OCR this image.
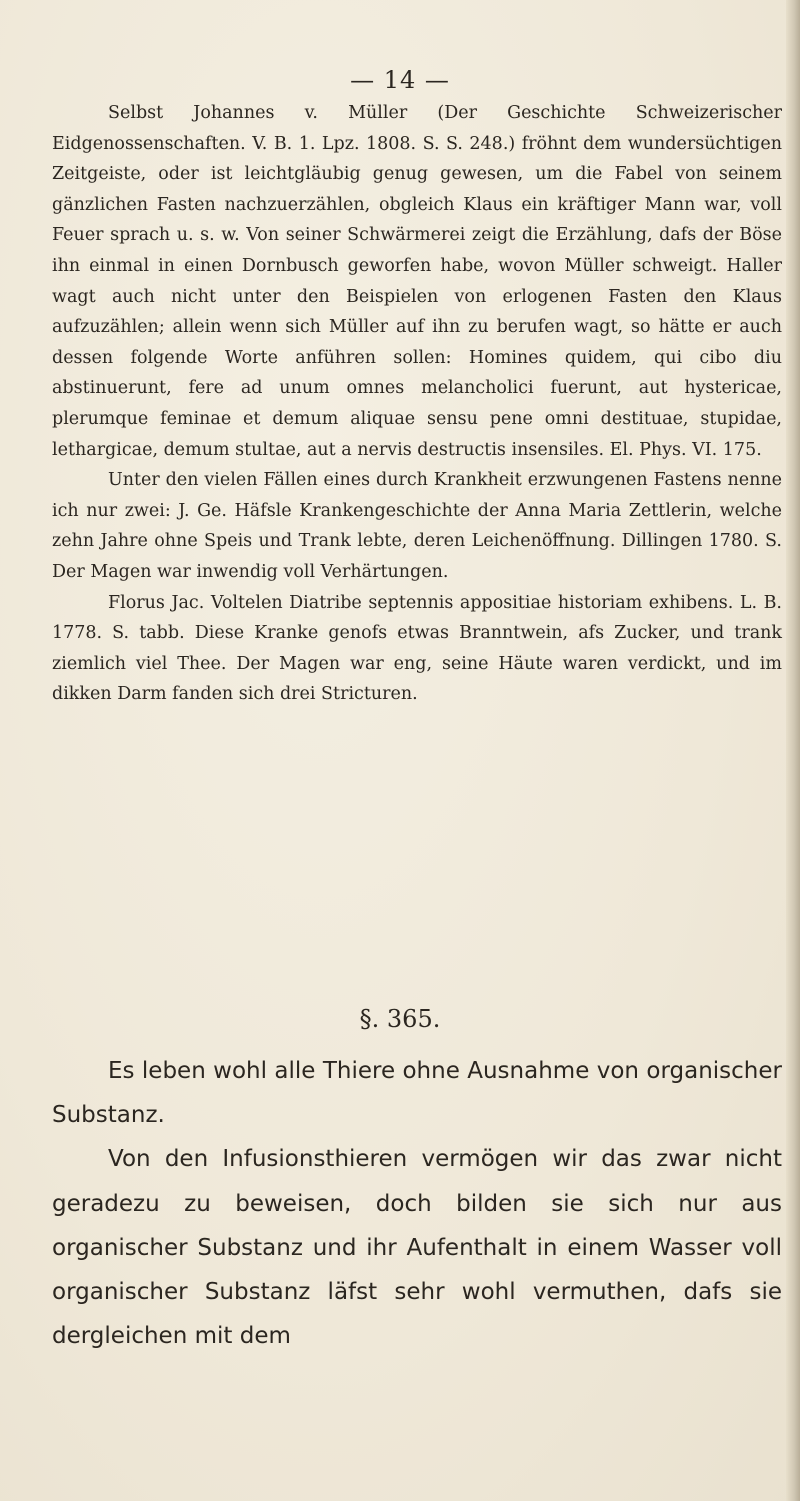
— 14 —

Selbst Johannes v. Müller (Der Geschichte Schweizerischer Eidgenossenschaften. V. B. 1. Lpz. 1808. S. S. 248.) fröhnt dem wundersüchtigen Zeitgeiste, oder ist leichtgläubig genug gewesen, um die Fabel von seinem gänzlichen Fasten nachzuerzählen, obgleich Klaus ein kräftiger Mann war, voll Feuer sprach u. s. w. Von seiner Schwärmerei zeigt die Erzählung, dafs der Böse ihn einmal in einen Dornbusch geworfen habe, wovon Müller schweigt. Haller wagt auch nicht unter den Beispielen von erlogenen Fasten den Klaus aufzuzählen; allein wenn sich Müller auf ihn zu berufen wagt, so hätte er auch dessen folgende Worte anführen sollen: Homines quidem, qui cibo diu abstinuerunt, fere ad unum omnes melancholici fuerunt, aut hystericae, plerumque feminae et demum aliquae sensu pene omni destituae, stupidae, lethargicae, demum stultae, aut a nervis destructis insensiles. El. Phys. VI. 175.

Unter den vielen Fällen eines durch Krankheit erzwungenen Fastens nenne ich nur zwei: J. Ge. Häfsle Krankengeschichte der Anna Maria Zettlerin, welche zehn Jahre ohne Speis und Trank lebte, deren Leichenöffnung. Dillingen 1780. S. Der Magen war inwendig voll Verhärtungen.

Florus Jac. Voltelen Diatribe septennis appositiae historiam exhibens. L. B. 1778. S. tabb. Diese Kranke genofs etwas Branntwein, afs Zucker, und trank ziemlich viel Thee. Der Magen war eng, seine Häute waren verdickt, und im dikken Darm fanden sich drei Stricturen.

§. 365.

Es leben wohl alle Thiere ohne Ausnahme von organischer Substanz.

Von den Infusionsthieren vermögen wir das zwar nicht geradezu zu beweisen, doch bilden sie sich nur aus organischer Substanz und ihr Aufenthalt in einem Wasser voll organischer Substanz läfst sehr wohl vermuthen, dafs sie dergleichen mit dem
